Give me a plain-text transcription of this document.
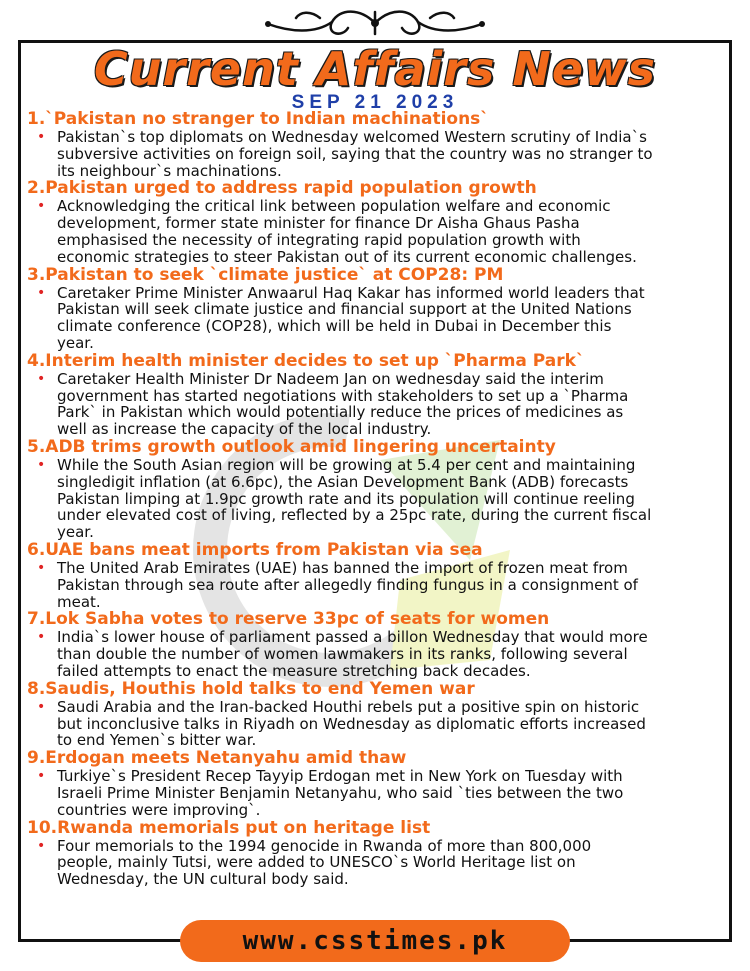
Current Affairs News
SEP 21 2023
1.`Pakistan no stranger to Indian machinations`
• Pakistan`s top diplomats on Wednesday welcomed Western scrutiny of India`s
subversive activities on foreign soil, saying that the country was no stranger to
its neighbour`s machinations.
2.Pakistan urged to address rapid population growth
• Acknowledging the critical link between population welfare and economic
development, former state minister for finance Dr Aisha Ghaus Pasha
emphasised the necessity of integrating rapid population growth with
economic strategies to steer Pakistan out of its current economic challenges.
3.Pakistan to seek `climate justice` at COP28: PM
• Caretaker Prime Minister Anwaarul Haq Kakar has informed world leaders that
Pakistan will seek climate justice and financial support at the United Nations
climate conference (COP28), which will be held in Dubai in December this
year.
4.Interim health minister decides to set up `Pharma Park`
• Caretaker Health Minister Dr Nadeem Jan on wednesday said the interim
government has started negotiations with stakeholders to set up a `Pharma
Park` in Pakistan which would potentially reduce the prices of medicines as
well as increase the capacity of the local industry.
5.ADB trims growth outlook amid lingering uncertainty
• While the South Asian region will be growing at 5.4 per cent and maintaining
singledigit inflation (at 6.6pc), the Asian Development Bank (ADB) forecasts
Pakistan limping at 1.9pc growth rate and its population will continue reeling
under elevated cost of living, reflected by a 25pc rate, during the current fiscal
year.
6.UAE bans meat imports from Pakistan via sea
• The United Arab Emirates (UAE) has banned the import of frozen meat from
Pakistan through sea route after allegedly finding fungus in a consignment of
meat.
7.Lok Sabha votes to reserve 33pc of seats for women
• India`s lower house of parliament passed a billon Wednesday that would more
than double the number of women lawmakers in its ranks, following several
failed attempts to enact the measure stretching back decades.
8.Saudis, Houthis hold talks to end Yemen war
• Saudi Arabia and the Iran-backed Houthi rebels put a positive spin on historic
but inconclusive talks in Riyadh on Wednesday as diplomatic efforts increased
to end Yemen`s bitter war.
9.Erdogan meets Netanyahu amid thaw
• Turkiye`s President Recep Tayyip Erdogan met in New York on Tuesday with
Israeli Prime Minister Benjamin Netanyahu, who said `ties between the two
countries were improving`.
10.Rwanda memorials put on heritage list
• Four memorials to the 1994 genocide in Rwanda of more than 800,000
people, mainly Tutsi, were added to UNESCO`s World Heritage list on
Wednesday, the UN cultural body said.
www.csstimes.pk
